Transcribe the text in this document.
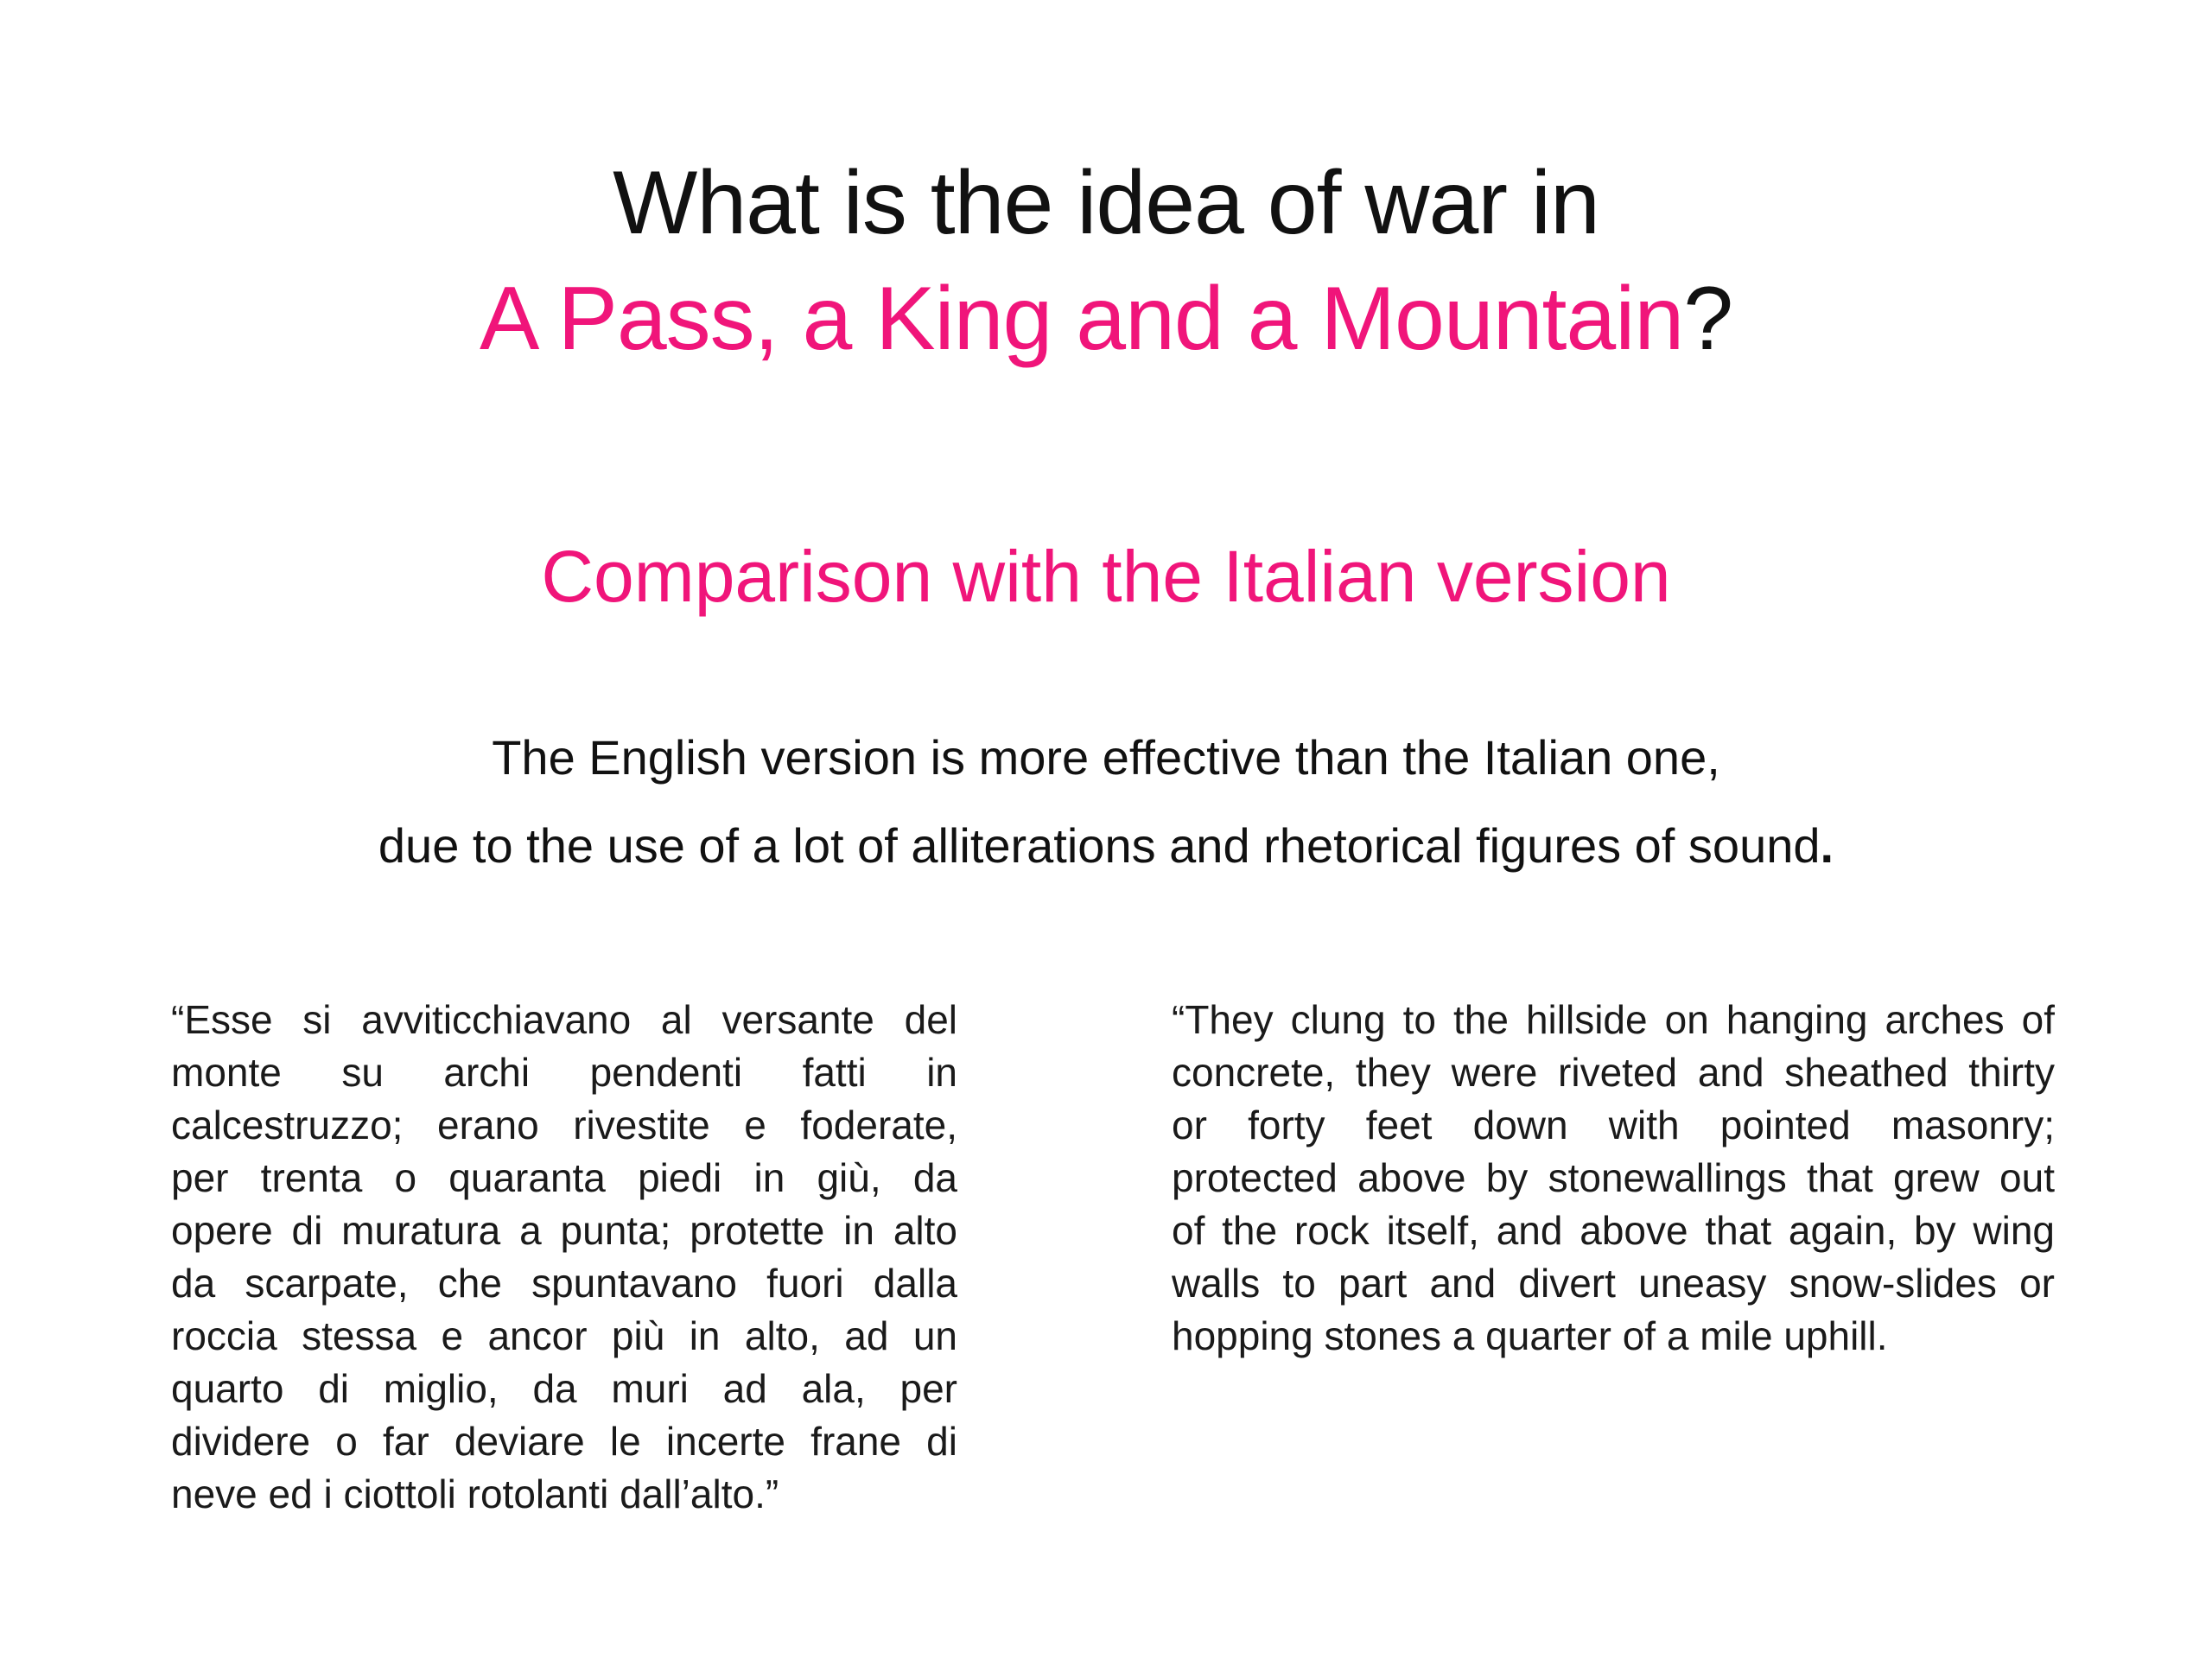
What is the idea of war in
A Pass, a King and a Mountain?
Comparison with the Italian version

The English version is more effective than the Italian one,
due to the use of a lot of alliterations and rhetorical figures of sound.

“Esse si avviticchiavano al versante del
monte su archi pendenti fatti in
calcestruzzo; erano rivestite e foderate,
per trenta o quaranta piedi in giù, da
opere di muratura a punta; protette in alto
da scarpate, che spuntavano fuori dalla
roccia stessa e ancor più in alto, ad un
quarto di miglio, da muri ad ala, per
dividere o far deviare le incerte frane di
neve ed i ciottoli rotolanti dall’alto.”
“They clung to the hillside on hanging arches of
concrete, they were riveted and sheathed thirty
or forty feet down with pointed masonry;
protected above by stonewallings that grew out
of the rock itself, and above that again, by wing
walls to part and divert uneasy snow-slides or
hopping stones a quarter of a mile uphill.
